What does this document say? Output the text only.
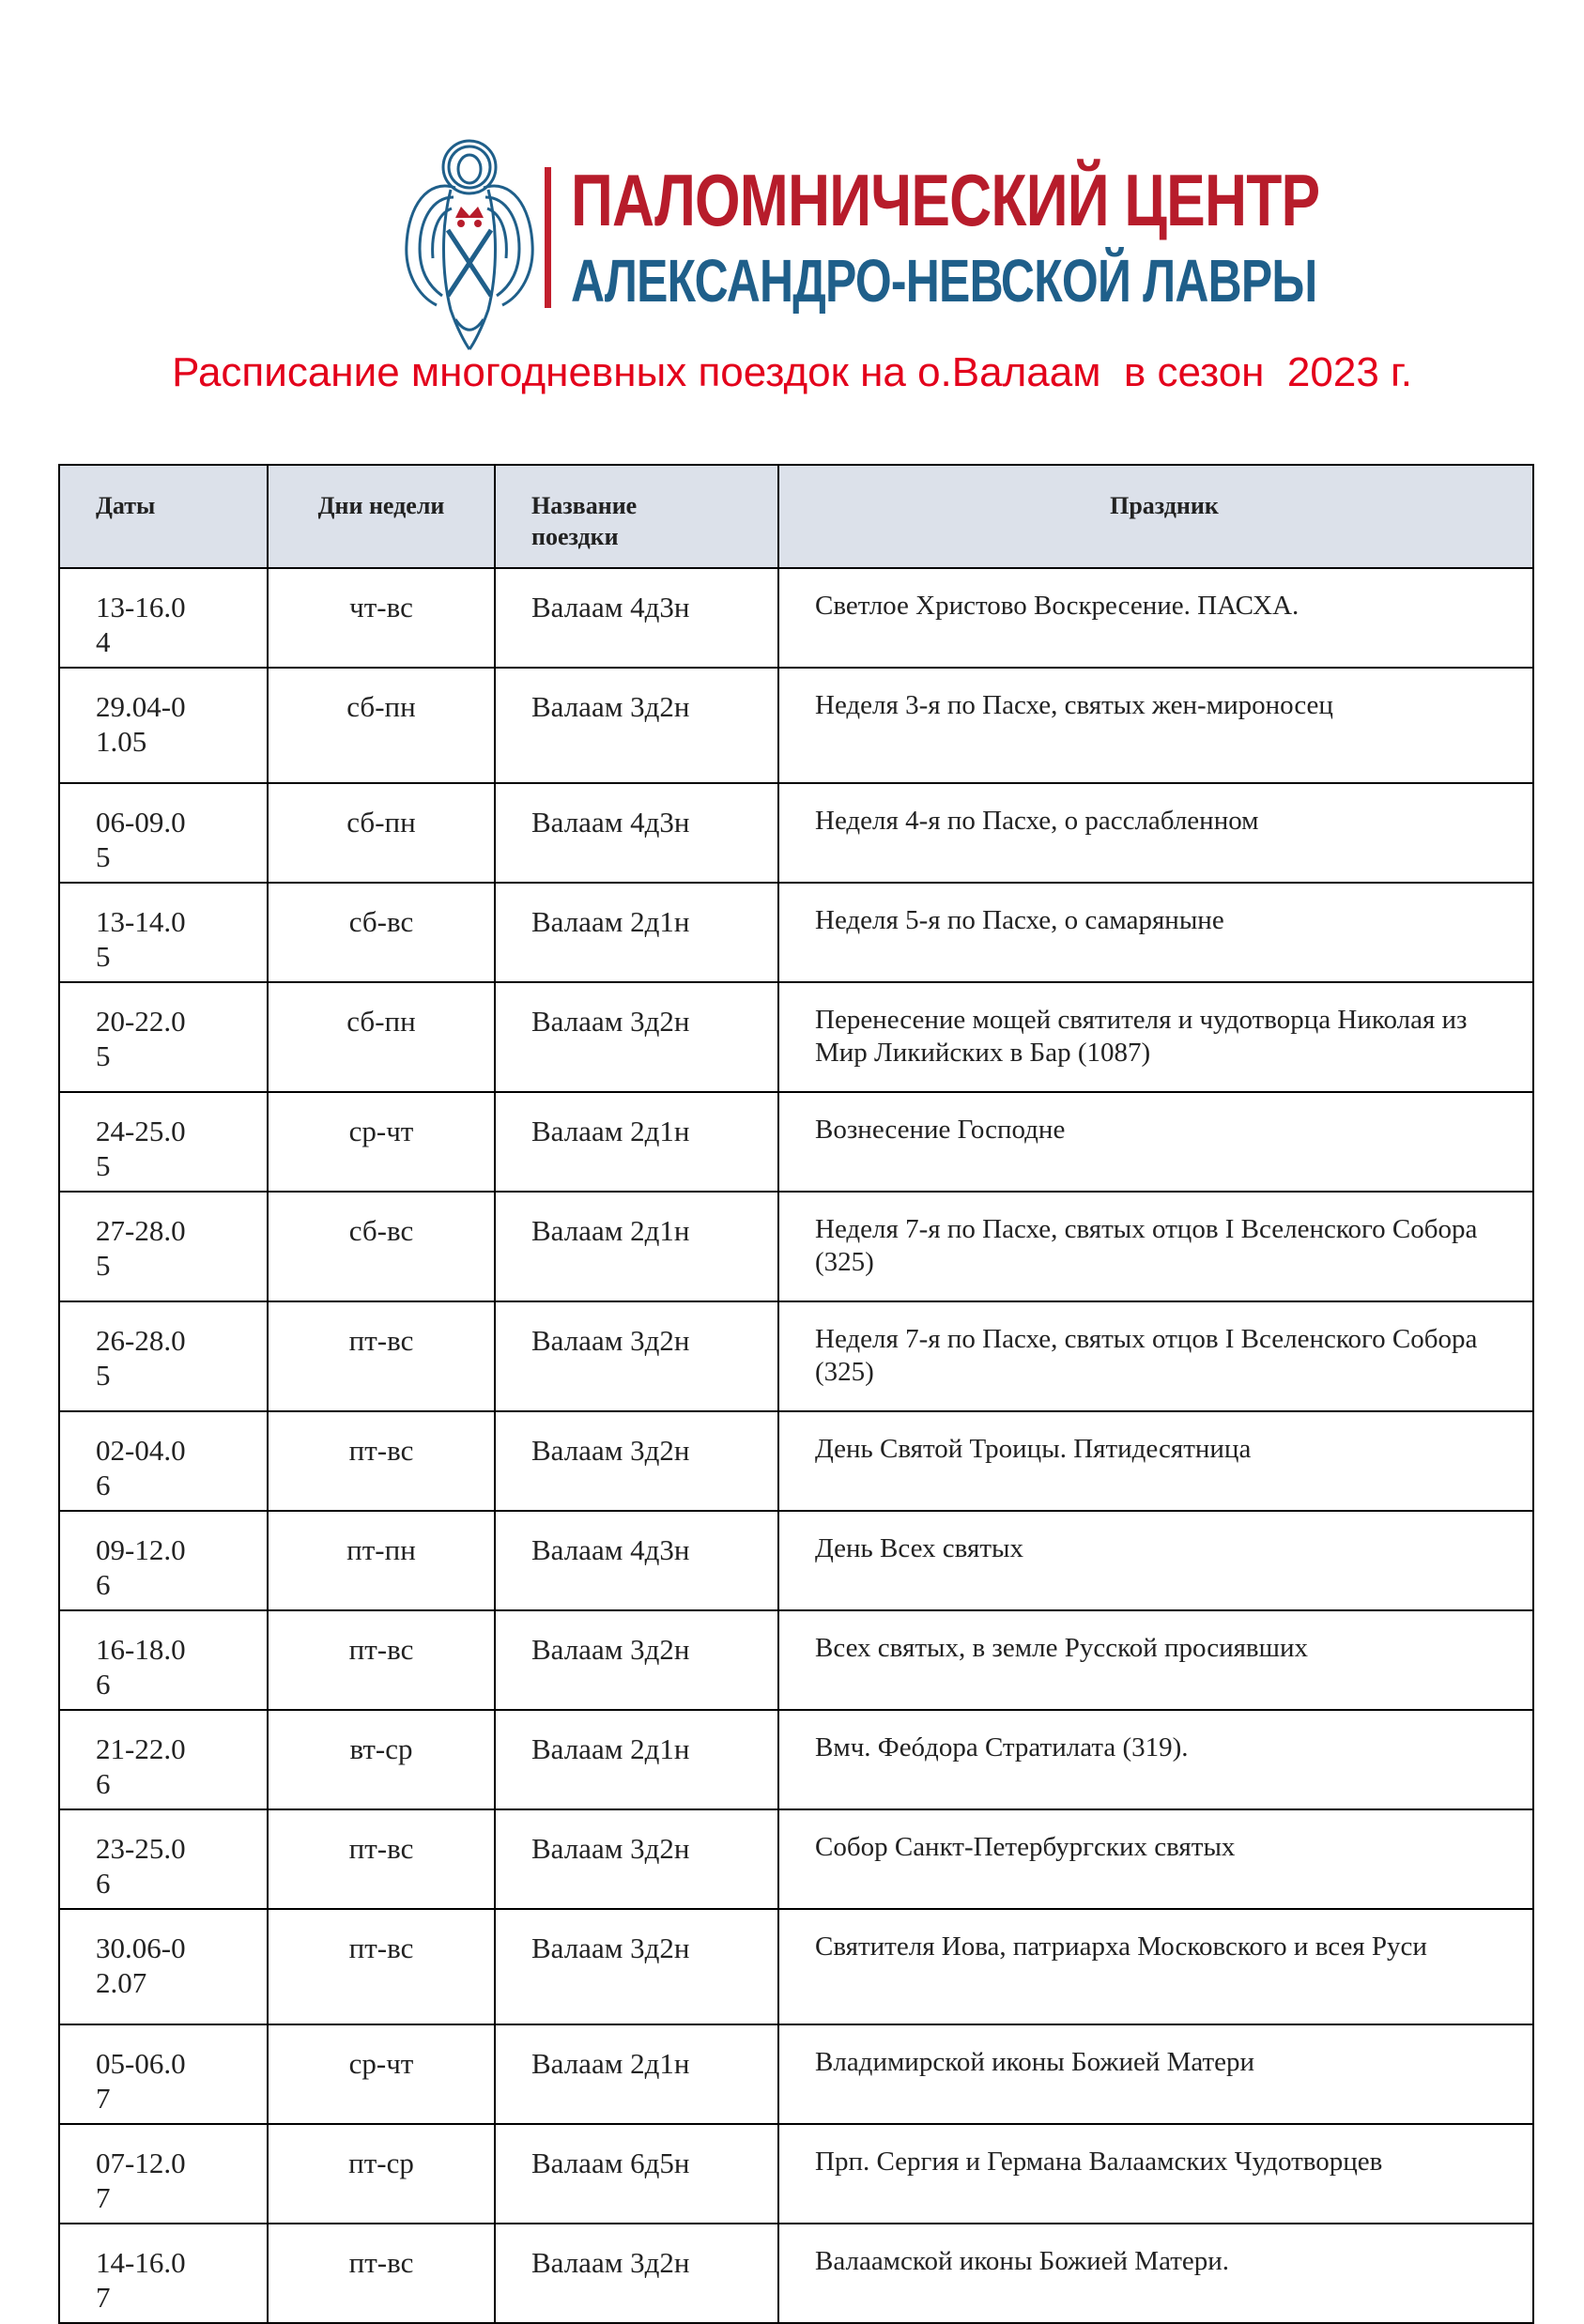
ПАЛОМНИЧЕСКИЙ ЦЕНТР
АЛЕКСАНДРО-НЕВСКОЙ ЛАВРЫ
Расписание многодневных поездок на о.Валаам  в сезон  2023 г.
Даты	Дни недели	Название поездки	Праздник

13-16.04	чт-вс	Валаам 4д3н	Светлое Христово Воскресение. ПАСХА.

29.04-01.05	сб-пн	Валаам 3д2н	Неделя 3-я по Пасхе, святых жен-мироносец

06-09.05	сб-пн	Валаам 4д3н	Неделя 4-я по Пасхе, о расслабленном

13-14.05	сб-вс	Валаам 2д1н	Неделя 5-я по Пасхе, о самаряныне

20-22.05	сб-пн	Валаам 3д2н	Перенесение мощей святителя и чудотворца Николая из Мир Ликийских в Бар (1087)

24-25.05	ср-чт	Валаам 2д1н	Вознесение Господне

27-28.05	сб-вс	Валаам 2д1н	Неделя 7-я по Пасхе, святых отцов I Вселенского Собора (325)

26-28.05	пт-вс	Валаам 3д2н	Неделя 7-я по Пасхе, святых отцов I Вселенского Собора (325)

02-04.06	пт-вс	Валаам 3д2н	День Святой Троицы. Пятидесятница

09-12.06	пт-пн	Валаам 4д3н	День Всех святых

16-18.06	пт-вс	Валаам 3д2н	Всех святых, в земле Русской просиявших

21-22.06	вт-ср	Валаам 2д1н	Вмч. Феóдора Стратилата (319).

23-25.06	пт-вс	Валаам 3д2н	Собор Санкт-Петербургских святых

30.06-02.07	пт-вс	Валаам 3д2н	Святителя Иова, патриарха Московского и всея Руси

05-06.07	ср-чт	Валаам 2д1н	Владимирской иконы Божией Матери

07-12.07	пт-ср	Валаам 6д5н	Прп. Сергия и Германа Валаамских Чудотворцев

14-16.07	пт-вс	Валаам 3д2н	Валаамской иконы Божией Матери.
